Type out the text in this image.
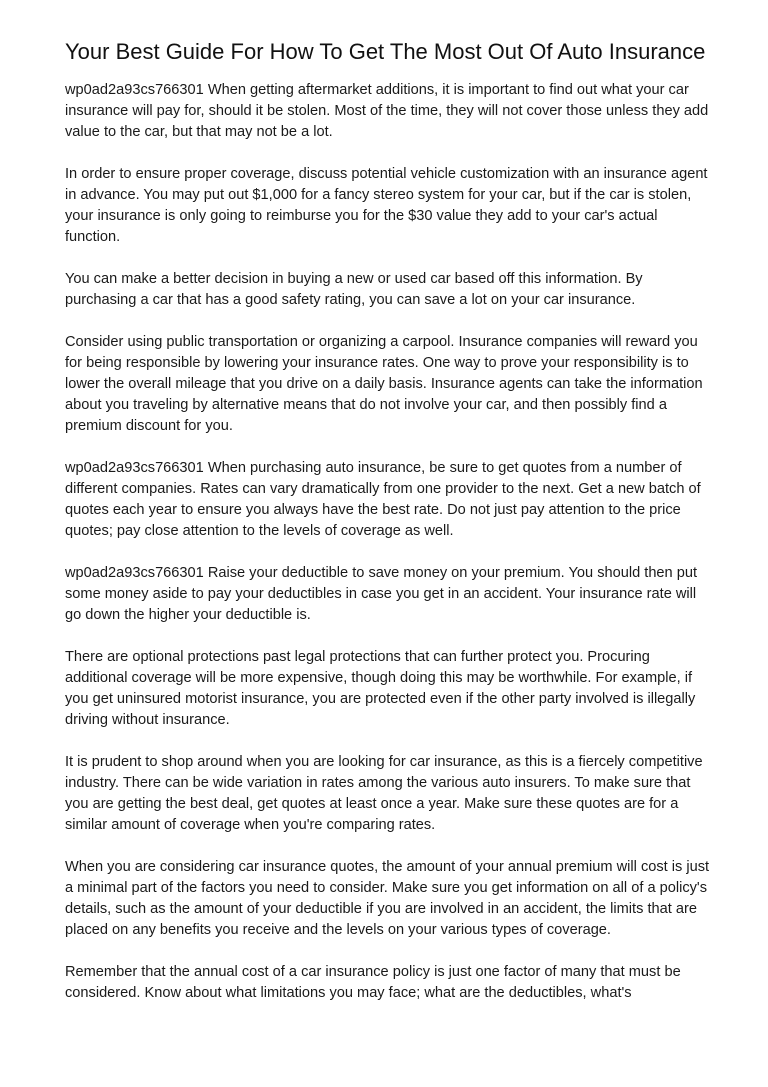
Your Best Guide For How To Get The Most Out Of Auto Insurance

wp0ad2a93cs766301 When getting aftermarket additions, it is important to find out what your car insurance will pay for, should it be stolen. Most of the time, they will not cover those unless they add value to the car, but that may not be a lot.

In order to ensure proper coverage, discuss potential vehicle customization with an insurance agent in advance. You may put out $1,000 for a fancy stereo system for your car, but if the car is stolen, your insurance is only going to reimburse you for the $30 value they add to your car's actual function.

You can make a better decision in buying a new or used car based off this information. By purchasing a car that has a good safety rating, you can save a lot on your car insurance.

Consider using public transportation or organizing a carpool. Insurance companies will reward you for being responsible by lowering your insurance rates. One way to prove your responsibility is to lower the overall mileage that you drive on a daily basis. Insurance agents can take the information about you traveling by alternative means that do not involve your car, and then possibly find a premium discount for you.

wp0ad2a93cs766301 When purchasing auto insurance, be sure to get quotes from a number of different companies. Rates can vary dramatically from one provider to the next. Get a new batch of quotes each year to ensure you always have the best rate. Do not just pay attention to the price quotes; pay close attention to the levels of coverage as well.

wp0ad2a93cs766301 Raise your deductible to save money on your premium. You should then put some money aside to pay your deductibles in case you get in an accident. Your insurance rate will go down the higher your deductible is.

There are optional protections past legal protections that can further protect you. Procuring additional coverage will be more expensive, though doing this may be worthwhile. For example, if you get uninsured motorist insurance, you are protected even if the other party involved is illegally driving without insurance.

It is prudent to shop around when you are looking for car insurance, as this is a fiercely competitive industry. There can be wide variation in rates among the various auto insurers. To make sure that you are getting the best deal, get quotes at least once a year. Make sure these quotes are for a similar amount of coverage when you're comparing rates.

When you are considering car insurance quotes, the amount of your annual premium will cost is just a minimal part of the factors you need to consider. Make sure you get information on all of a policy's details, such as the amount of your deductible if you are involved in an accident, the limits that are placed on any benefits you receive and the levels on your various types of coverage.

Remember that the annual cost of a car insurance policy is just one factor of many that must be considered. Know about what limitations you may face; what are the deductibles, what's
